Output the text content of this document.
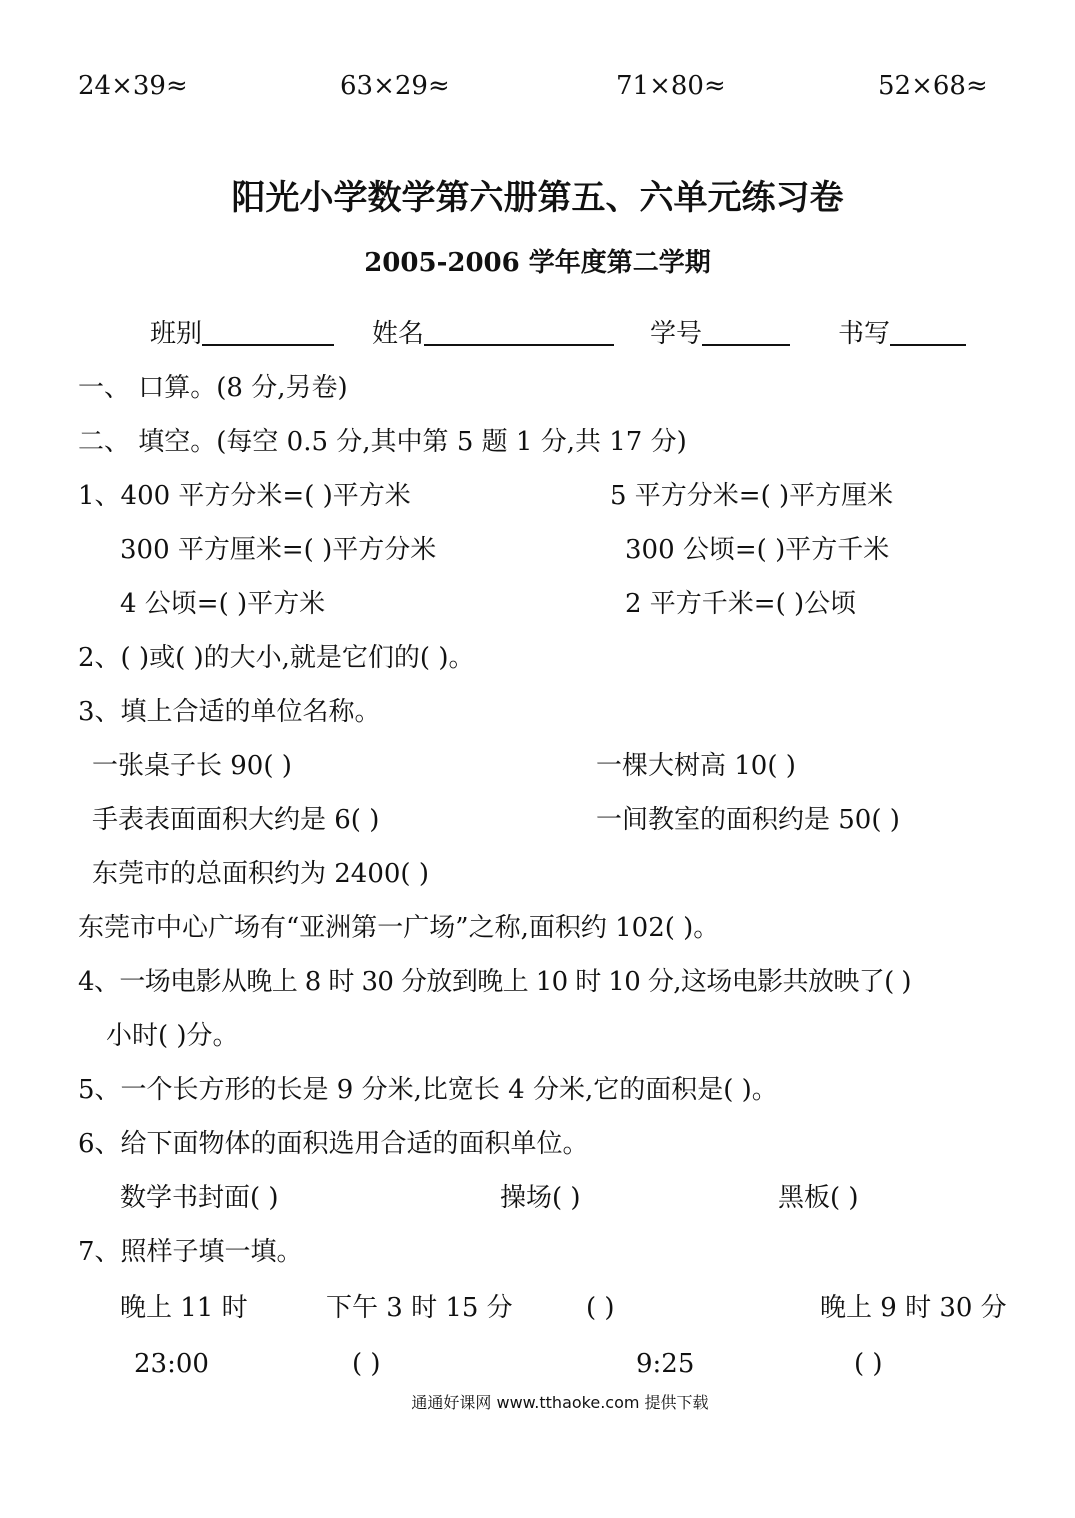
24×39≈	63×29≈	71×80≈	52×68≈
阳光小学数学第六册第五、六单元练习卷
2005-2006 学年度第二学期
班别	姓名	学号	书写
一、 口算。(8 分,另卷)
二、 填空。(每空 0.5 分,其中第 5 题 1 分,共 17 分)
1、400 平方分米=( )平方米	5 平方分米=( )平方厘米
300 平方厘米=( )平方分米	300 公顷=( )平方千米
4 公顷=( )平方米	2 平方千米=( )公顷
2、( )或( )的大小,就是它们的( )。
3、填上合适的单位名称。
一张桌子长 90( )	一棵大树高 10( )
手表表面面积大约是 6( )	一间教室的面积约是 50( )
东莞市的总面积约为 2400( )
东莞市中心广场有“亚洲第一广场”之称,面积约 102( )。
4、一场电影从晚上 8 时 30 分放到晚上 10 时 10 分,这场电影共放映了( )
小时( )分。
5、一个长方形的长是 9 分米,比宽长 4 分米,它的面积是( )。
6、给下面物体的面积选用合适的面积单位。
数学书封面( )	操场( )	黑板( )
7、照样子填一填。
晚上 11 时	下午 3 时 15 分	( )	晚上 9 时 30 分
23:00	( )	9:25	( )
通通好课网 www.tthaoke.com 提供下载
